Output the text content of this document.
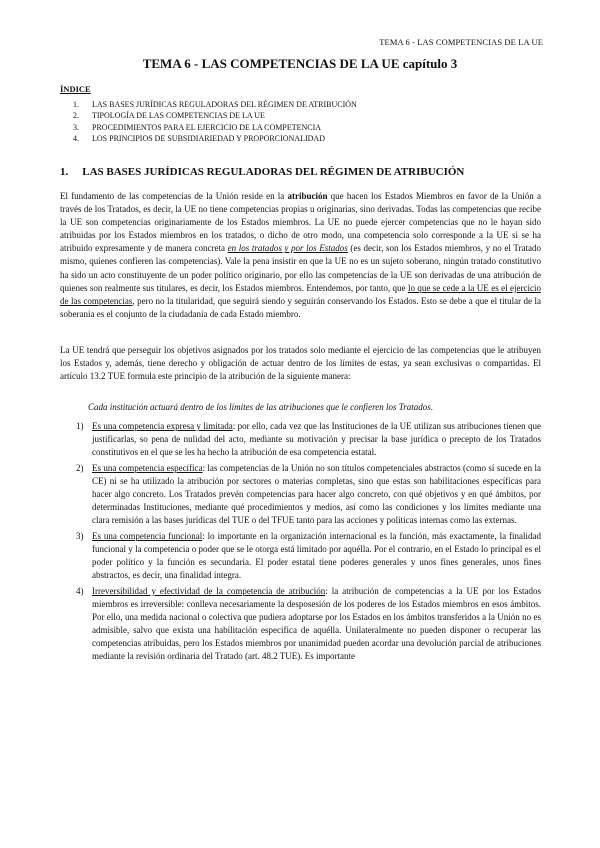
TEMA 6 - LAS COMPETENCIAS DE LA UE
TEMA 6 - LAS COMPETENCIAS DE LA UE capítulo 3
ÍNDICE
1.	LAS BASES JURÍDICAS REGULADORAS DEL RÉGIMEN DE ATRIBUCIÓN
2.	TIPOLOGÍA DE LAS COMPETENCIAS DE LA UE
3.	PROCEDIMIENTOS PARA EL EJERCICIO DE LA COMPETENCIA
4.	LOS PRINCIPIOS DE SUBSIDIARIEDAD Y PROPORCIONALIDAD
1. LAS BASES JURÍDICAS REGULADORAS DEL RÉGIMEN DE ATRIBUCIÓN
El fundamento de las competencias de la Unión reside en la atribución que hacen los Estados Miembros en favor de la Unión a través de los Tratados, es decir, la UE no tiene competencias propias u originarias, sino derivadas. Todas las competencias que recibe la UE son competencias originariamente de los Estados miembros. La UE no puede ejercer competencias que no le hayan sido atribuidas por los Estados miembros en los tratados, o dicho de otro modo, una competencia solo corresponde a la UE si se ha atribuido expresamente y de manera concreta en los tratados y por los Estados (es decir, son los Estados miembros, y no el Tratado mismo, quienes confieren las competencias). Vale la pena insistir en que la UE no es un sujeto soberano, ningún tratado constitutivo ha sido un acto constituyente de un poder político originario, por ello las competencias de la UE son derivadas de una atribución de quienes son realmente sus titulares, es decir, los Estados miembros. Entendemos, por tanto, que lo que se cede a la UE es el ejercicio de las competencias, pero no la titularidad, que seguirá siendo y seguirán conservando los Estados. Esto se debe a que el titular de la soberanía es el conjunto de la ciudadanía de cada Estado miembro.
La UE tendrá que perseguir los objetivos asignados por los tratados solo mediante el ejercicio de las competencias que le atribuyen los Estados y, además, tiene derecho y obligación de actuar dentro de los límites de estas, ya sean exclusivas o compartidas. El artículo 13.2 TUE formula este principio de la atribución de la siguiente manera:
Cada institución actuará dentro de los límites de las atribuciones que le confieren los Tratados.
1) Es una competencia expresa y limitada: por ello, cada vez que las Instituciones de la UE utilizan sus atribuciones tienen que justificarlas, so pena de nulidad del acto, mediante su motivación y precisar la base jurídica o precepto de los Tratados constitutivos en el que se les ha hecho la atribución de esa competencia estatal.
2) Es una competencia específica: las competencias de la Unión no son títulos competenciales abstractos (como sí sucede en la CE) ni se ha utilizado la atribución por sectores o materias completas, sino que estas son habilitaciones específicas para hacer algo concreto. Los Tratados prevén competencias para hacer algo concreto, con qué objetivos y en qué ámbitos, por determinadas Instituciones, mediante qué procedimientos y medios, así como las condiciones y los límites mediante una clara remisión a las bases jurídicas del TUE o del TFUE tanto para las acciones y políticas internas como las externas.
3) Es una competencia funcional: lo importante en la organización internacional es la función, más exactamente, la finalidad funcional y la competencia o poder que se le otorga está limitado por aquélla. Por el contrario, en el Estado lo principal es el poder político y la función es secundaria. El poder estatal tiene poderes generales y unos fines generales, unos fines abstractos, es decir, una finalidad íntegra.
4) Irreversibilidad y efectividad de la competencia de atribución: la atribución de competencias a la UE por los Estados miembros es irreversible: conlleva necesariamente la desposesión de los poderes de los Estados miembros en esos ámbitos. Por ello, una medida nacional o colectiva que pudiera adoptarse por los Estados en los ámbitos transferidos a la Unión no es admisible, salvo que exista una habilitación específica de aquélla. Unilateralmente no pueden disponer o recuperar las competencias atribuidas, pero los Estados miembros por unanimidad pueden acordar una devolución parcial de atribuciones mediante la revisión ordinaria del Tratado (art. 48.2 TUE). Es importante
